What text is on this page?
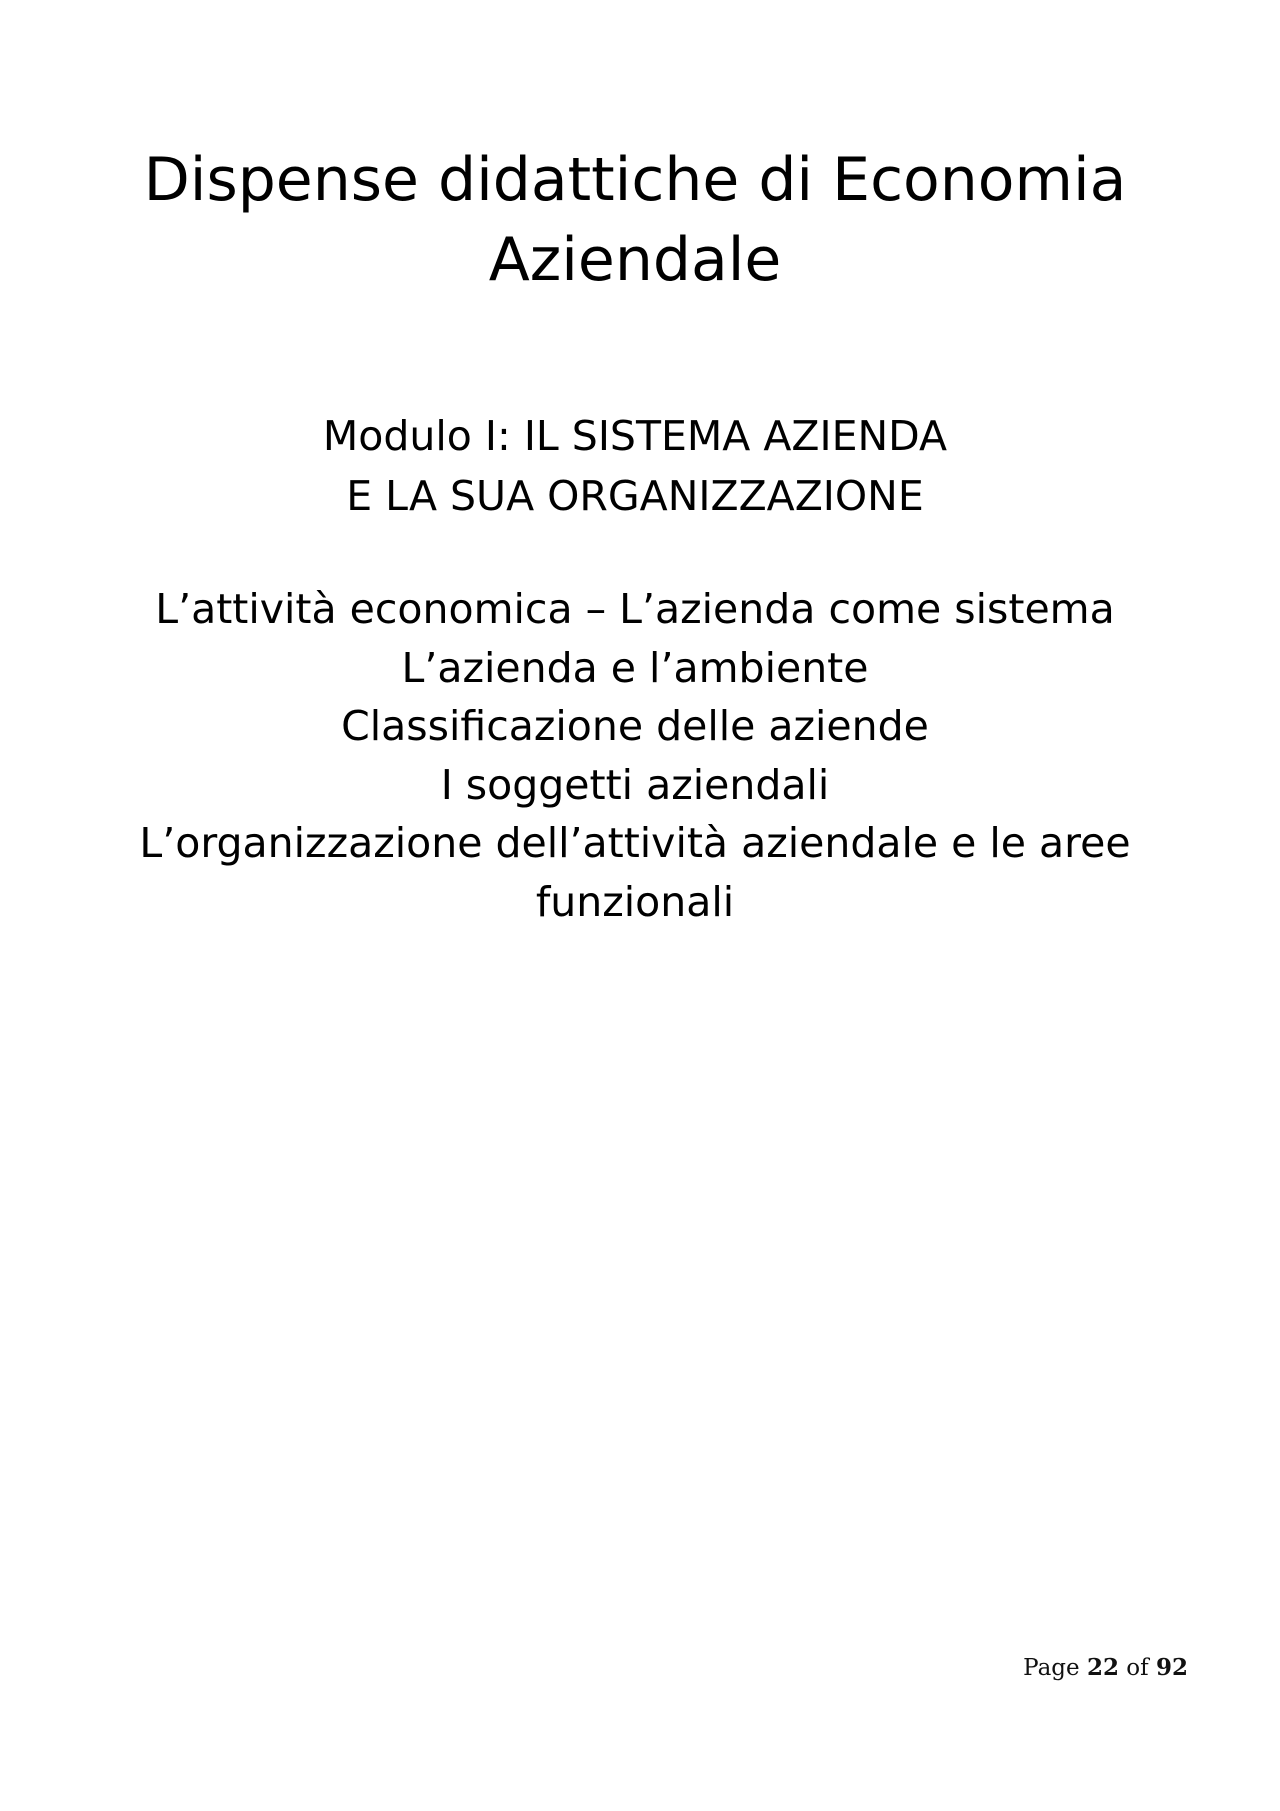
Dispense didattiche di Economia
Aziendale
Modulo I: IL SISTEMA AZIENDA
E LA SUA ORGANIZZAZIONE
L’attività economica – L’azienda come sistema
L’azienda e l’ambiente
Classificazione delle aziende
I soggetti aziendali
L’organizzazione dell’attività aziendale e le aree
funzionali
Page 22 of 92
